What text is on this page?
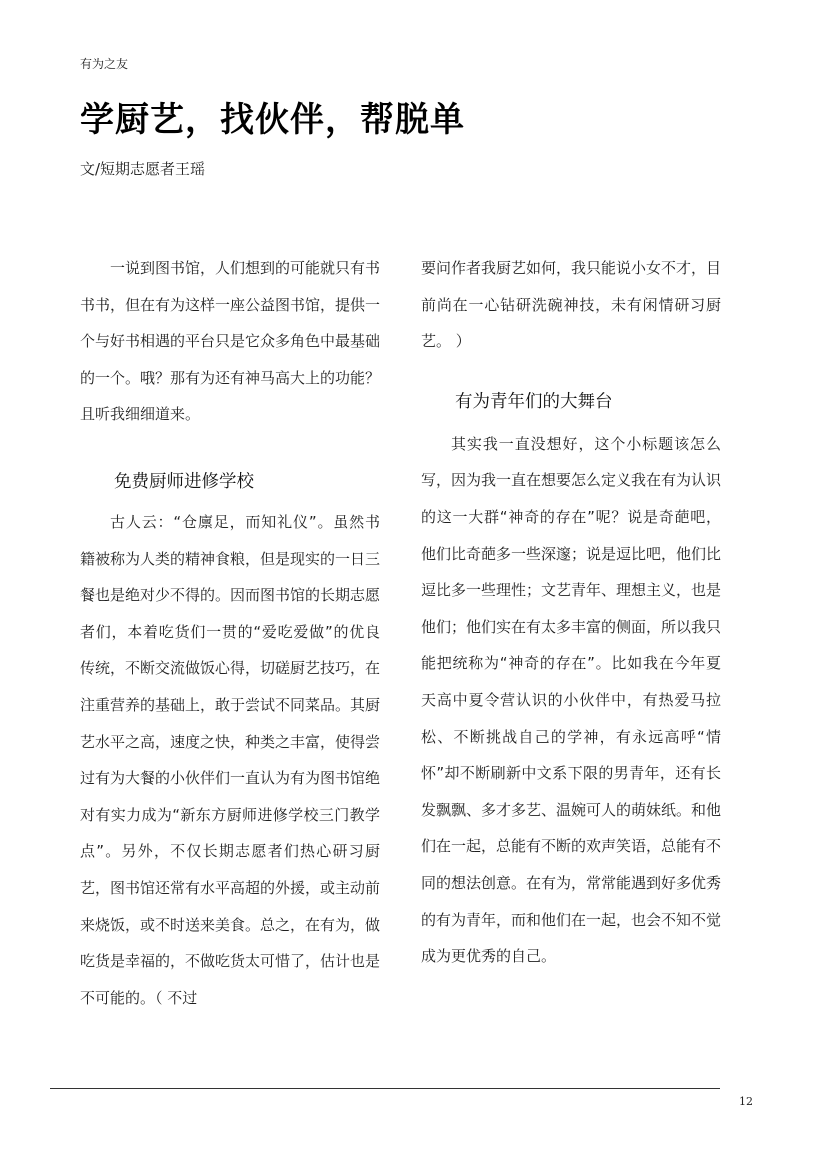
有为之友
学厨艺，找伙伴，帮脱单
文/短期志愿者王瑶

一说到图书馆，人们想到的可能就只有书书书，但在有为这样一座公益图书馆，提供一个与好书相遇的平台只是它众多角色中最基础的一个。哦？那有为还有神马高大上的功能？且听我细细道来。

免费厨师进修学校

古人云：“仓廪足，而知礼仪”。虽然书籍被称为人类的精神食粮，但是现实的一日三餐也是绝对少不得的。因而图书馆的长期志愿者们，本着吃货们一贯的“爱吃爱做”的优良传统，不断交流做饭心得，切磋厨艺技巧，在注重营养的基础上，敢于尝试不同菜品。其厨艺水平之高，速度之快，种类之丰富，使得尝过有为大餐的小伙伴们一直认为有为图书馆绝对有实力成为“新东方厨师进修学校三门教学点”。另外，不仅长期志愿者们热心研习厨艺，图书馆还常有水平高超的外援，或主动前来烧饭，或不时送来美食。总之，在有为，做吃货是幸福的，不做吃货太可惜了，估计也是不可能的。（ 不过

要问作者我厨艺如何，我只能说小女不才，目前尚在一心钻研洗碗神技，未有闲情研习厨艺。 ）

有为青年们的大舞台

其实我一直没想好，这个小标题该怎么写，因为我一直在想要怎么定义我在有为认识的这一大群“神奇的存在”呢？说是奇葩吧，他们比奇葩多一些深邃；说是逗比吧，他们比逗比多一些理性；文艺青年、理想主义，也是他们；他们实在有太多丰富的侧面，所以我只能把统称为“神奇的存在”。比如我在今年夏天高中夏令营认识的小伙伴中，有热爱马拉松、不断挑战自己的学神，有永远高呼“情怀”却不断刷新中文系下限的男青年，还有长发飘飘、多才多艺、温婉可人的萌妹纸。和他们在一起，总能有不断的欢声笑语，总能有不同的想法创意。在有为，常常能遇到好多优秀的有为青年，而和他们在一起，也会不知不觉成为更优秀的自己。

12
